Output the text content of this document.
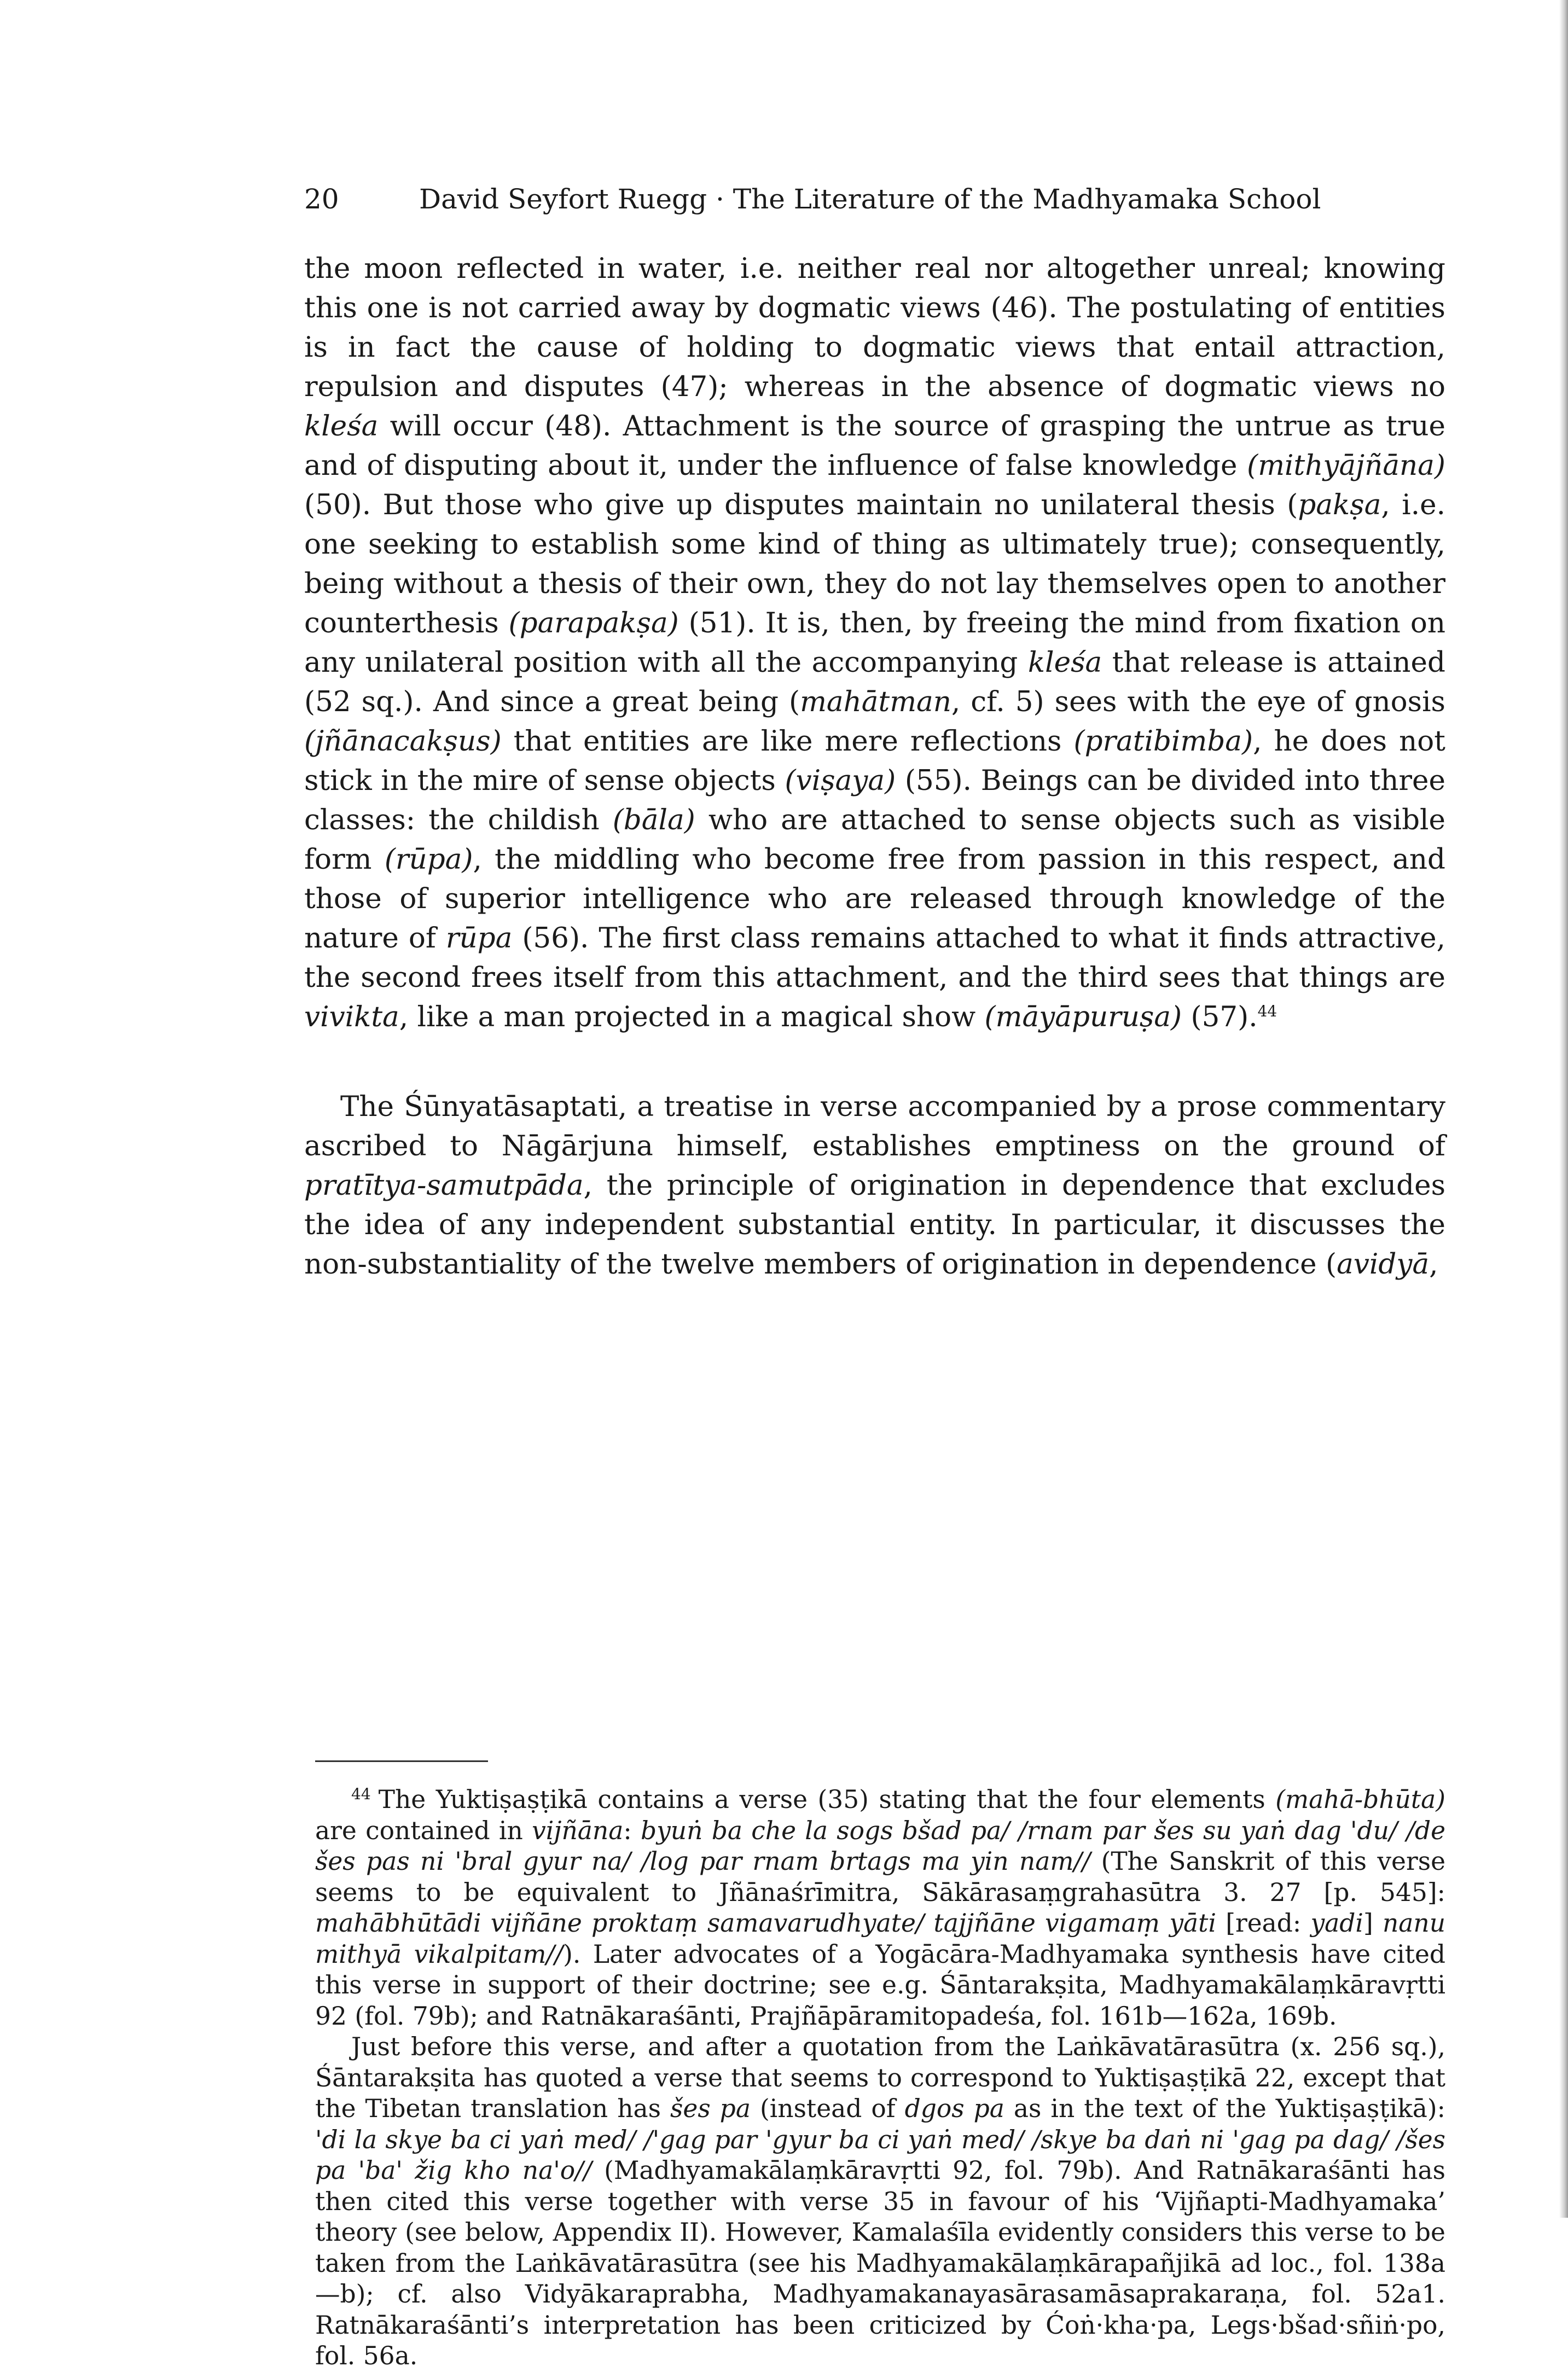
20	David Seyfort Ruegg · The Literature of the Madhyamaka School

the moon reflected in water, i.e. neither real nor altogether unreal; knowing this one is not carried away by dogmatic views (46). The postulating of entities is in fact the cause of holding to dogmatic views that entail attraction, repulsion and disputes (47); whereas in the absence of dogmatic views no kleśa will occur (48). Attachment is the source of grasping the untrue as true and of disputing about it, under the influence of false knowledge (mithyājñāna) (50). But those who give up disputes maintain no unilateral thesis (pakṣa, i.e. one seeking to establish some kind of thing as ultimately true); consequently, being without a thesis of their own, they do not lay themselves open to another counterthesis (parapakṣa) (51). It is, then, by freeing the mind from fixation on any unilateral position with all the accompanying kleśa that release is attained (52 sq.). And since a great being (mahātman, cf. 5) sees with the eye of gnosis (jñānacakṣus) that entities are like mere reflections (pratibimba), he does not stick in the mire of sense objects (viṣaya) (55). Beings can be divided into three classes: the childish (bāla) who are attached to sense objects such as visible form (rūpa), the middling who become free from passion in this respect, and those of superior intelligence who are released through knowledge of the nature of rūpa (56). The first class remains attached to what it finds attractive, the second frees itself from this attachment, and the third sees that things are vivikta, like a man projected in a magical show (māyāpuruṣa) (57).$^{44}$

The Śūnyatāsaptati, a treatise in verse accompanied by a prose commentary ascribed to Nāgārjuna himself, establishes emptiness on the ground of pratītya-samutpāda, the principle of origination in dependence that excludes the idea of any independent substantial entity. In particular, it discusses the non-substantiality of the twelve members of origination in dependence (avidyā,

$^{44}$ The Yuktiṣaṣṭikā contains a verse (35) stating that the four elements (mahā-bhūta) are contained in vijñāna: byuṅ ba che la sogs bšad pa/ /rnam par šes su yaṅ dag 'du/ /de šes pas ni 'bral gyur na/ /log par rnam brtags ma yin nam// (The Sanskrit of this verse seems to be equivalent to Jñānaśrīmitra, Sākārasaṃgrahasūtra 3. 27 [p. 545]: mahābhūtādi vijñāne proktaṃ samavarudhyate/ tajjñāne vigamaṃ yāti [read: yadi] nanu mithyā vikalpitam//). Later advocates of a Yogācāra-Madhyamaka synthesis have cited this verse in support of their doctrine; see e.g. Śāntarakṣita, Madhyamakālaṃkāravṛtti 92 (fol. 79b); and Ratnākaraśānti, Prajñāpāramitopadeśa, fol. 161b—162a, 169b.

Just before this verse, and after a quotation from the Laṅkāvatārasūtra (x. 256 sq.), Śāntarakṣita has quoted a verse that seems to correspond to Yuktiṣaṣṭikā 22, except that the Tibetan translation has šes pa (instead of dgos pa as in the text of the Yuktiṣaṣṭikā): 'di la skye ba ci yaṅ med/ /'gag par 'gyur ba ci yaṅ med/ /skye ba daṅ ni 'gag pa dag/ /šes pa 'ba' žig kho na'o// (Madhyamakālaṃkāravṛtti 92, fol. 79b). And Ratnākaraśānti has then cited this verse together with verse 35 in favour of his ‘Vijñapti-Madhyamaka’ theory (see below, Appendix II). However, Kamalaśīla evidently considers this verse to be taken from the Laṅkāvatārasūtra (see his Madhyamakālaṃkārapañjikā ad loc., fol. 138a—b); cf. also Vidyākaraprabha, Madhyamakanayasārasamāsaprakaraṇa, fol. 52a1. Ratnākaraśānti’s interpretation has been criticized by Ćoṅ·kha·pa, Legs·bšad·sñiṅ·po, fol. 56a.
